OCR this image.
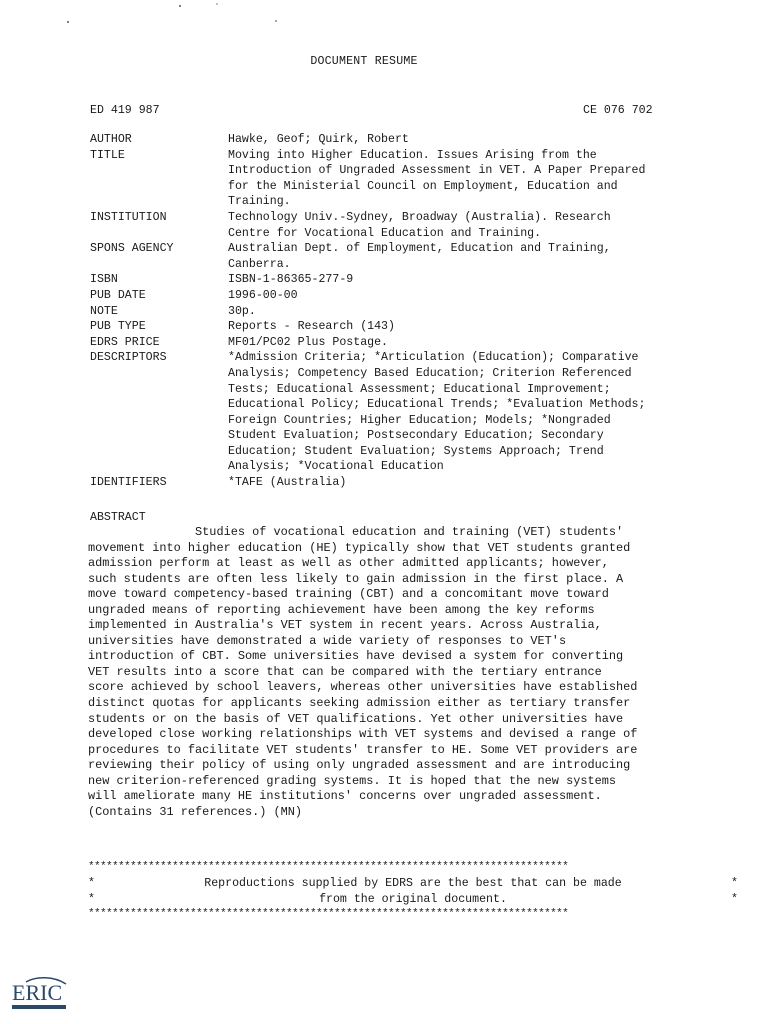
DOCUMENT RESUME
ED 419 987	CE 076 702
AUTHOR	Hawke, Geof; Quirk, Robert
TITLE	Moving into Higher Education. Issues Arising from the
Introduction of Ungraded Assessment in VET. A Paper Prepared
for the Ministerial Council on Employment, Education and
Training.
INSTITUTION	Technology Univ.-Sydney, Broadway (Australia). Research
Centre for Vocational Education and Training.
SPONS AGENCY	Australian Dept. of Employment, Education and Training,
Canberra.
ISBN	ISBN-1-86365-277-9
PUB DATE	1996-00-00
NOTE	30p.
PUB TYPE	Reports - Research (143)
EDRS PRICE	MF01/PC02 Plus Postage.
DESCRIPTORS	*Admission Criteria; *Articulation (Education); Comparative
Analysis; Competency Based Education; Criterion Referenced
Tests; Educational Assessment; Educational Improvement;
Educational Policy; Educational Trends; *Evaluation Methods;
Foreign Countries; Higher Education; Models; *Nongraded
Student Evaluation; Postsecondary Education; Secondary
Education; Student Evaluation; Systems Approach; Trend
Analysis; *Vocational Education
IDENTIFIERS	*TAFE (Australia)
ABSTRACT
Studies of vocational education and training (VET) students'
movement into higher education (HE) typically show that VET students granted
admission perform at least as well as other admitted applicants; however,
such students are often less likely to gain admission in the first place. A
move toward competency-based training (CBT) and a concomitant move toward
ungraded means of reporting achievement have been among the key reforms
implemented in Australia's VET system in recent years. Across Australia,
universities have demonstrated a wide variety of responses to VET's
introduction of CBT. Some universities have devised a system for converting
VET results into a score that can be compared with the tertiary entrance
score achieved by school leavers, whereas other universities have established
distinct quotas for applicants seeking admission either as tertiary transfer
students or on the basis of VET qualifications. Yet other universities have
developed close working relationships with VET systems and devised a range of
procedures to facilitate VET students' transfer to HE. Some VET providers are
reviewing their policy of using only ungraded assessment and are introducing
new criterion-referenced grading systems. It is hoped that the new systems
will ameliorate many HE institutions' concerns over ungraded assessment.
(Contains 31 references.) (MN)
********************************************************************************
*	Reproductions supplied by EDRS are the best that can be made	*
*	from the original document.	*
********************************************************************************
ERIC
